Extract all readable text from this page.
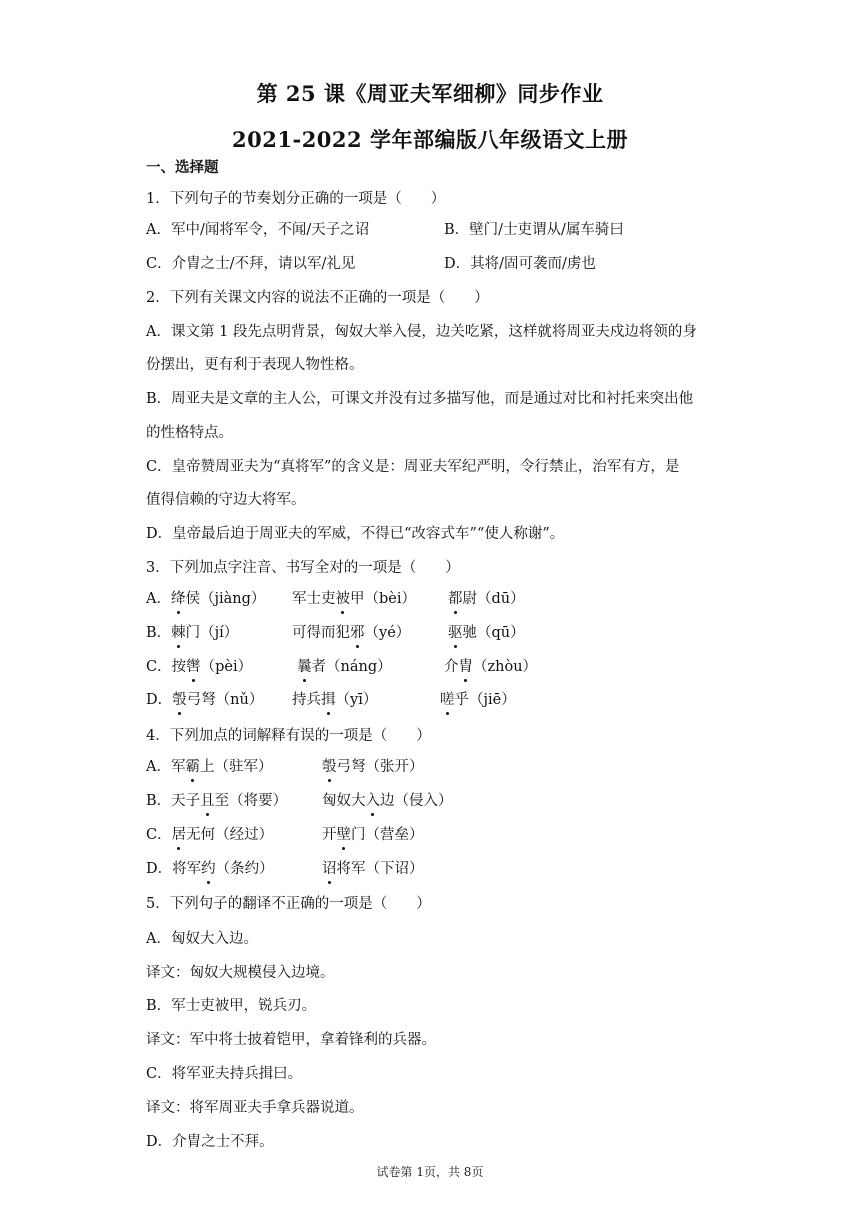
第 25 课《周亚夫军细柳》同步作业
2021-2022 学年部编版八年级语文上册
一、选择题
1．下列句子的节奏划分正确的一项是（　　）
A．军中/闻将军令，不闻/天子之诏	B．壁门/士吏谓从/属车骑曰
C．介胄之士/不拜，请以军/礼见	D．其将/固可袭而/虏也
2．下列有关课文内容的说法不正确的一项是（　　）
A．课文第 1 段先点明背景，匈奴大举入侵，边关吃紧，这样就将周亚夫戍边将领的身
份摆出，更有利于表现人物性格。
B．周亚夫是文章的主人公，可课文并没有过多描写他，而是通过对比和衬托来突出他
的性格特点。
C．皇帝赞周亚夫为“真将军”的含义是：周亚夫军纪严明，令行禁止，治军有方，是
值得信赖的守边大将军。
D．皇帝最后迫于周亚夫的军威，不得已“改容式车”“使人称谢”。
3．下列加点字注音、书写全对的一项是（　　）
A．绛侯（jiàng） 军士吏被甲（bèi） 都尉（dū）
B．棘门（jí）	可得而犯邪（yé）	驱驰（qū）
C．按辔（pèi）	曩者（náng）	介胄（zhòu）
D．彀弓弩（nǔ） 持兵揖（yī）	嗟乎（jiē）
4．下列加点的词解释有误的一项是（　　）
A．军霸上（驻军）	彀弓弩（张开）
B．天子且至（将要） 匈奴大入边（侵入）
C．居无何（经过）	开壁门（营垒）
D．将军约（条约）	诏将军（下诏）
5．下列句子的翻译不正确的一项是（　　）
A．匈奴大入边。
译文：匈奴大规模侵入边境。
B．军士吏被甲，锐兵刃。
译文：军中将士披着铠甲，拿着锋利的兵器。
C．将军亚夫持兵揖曰。
译文：将军周亚夫手拿兵器说道。
D．介胄之士不拜。
试卷第 1页，共 8页
